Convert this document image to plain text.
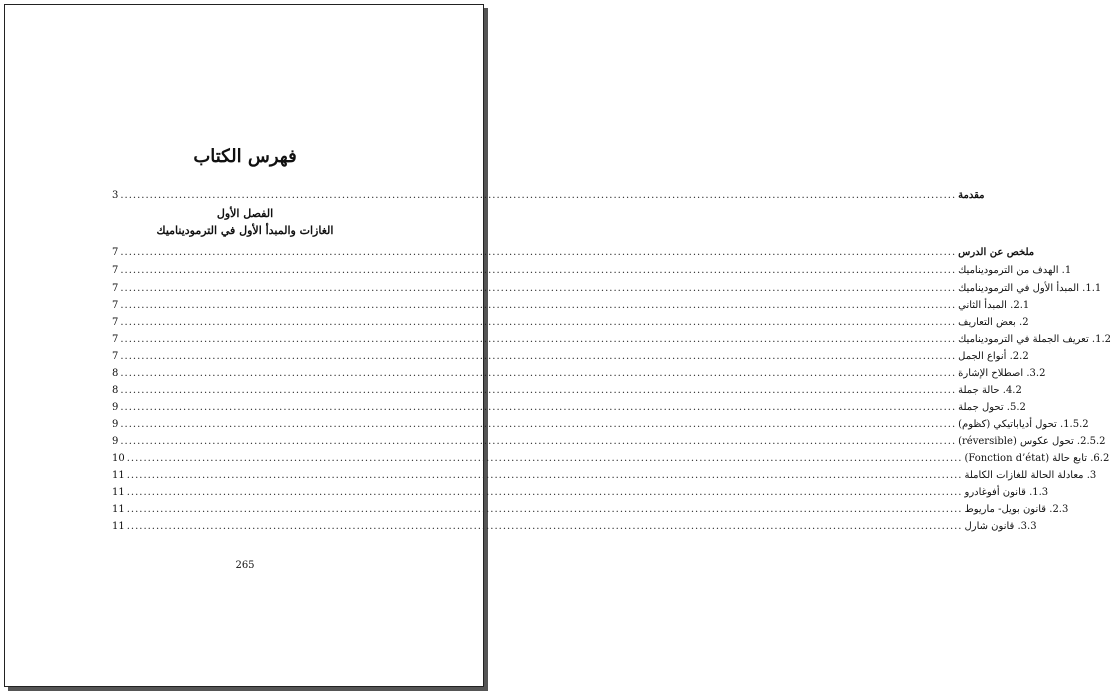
فهرس الكتاب
الفصل الأول
الغازات والمبدأ الأول في الترموديناميك
3	مقدمة
........................................................................................................................................................................................................
7	ملخص عن الدرس
........................................................................................................................................................................................................
7	1. الهدف من الترموديناميك
........................................................................................................................................................................................................
7	1.1. المبدأ الأول في الترموديناميك
........................................................................................................................................................................................................
7	2.1. المبدأ الثاني
........................................................................................................................................................................................................
7	2. بعض التعاريف
........................................................................................................................................................................................................
7	1.2. تعريف الجملة في الترموديناميك
........................................................................................................................................................................................................
7	2.2. أنواع الجمل
........................................................................................................................................................................................................
8	3.2. اصطلاح الإشارة
........................................................................................................................................................................................................
8	4.2. حالة جملة
........................................................................................................................................................................................................
9	5.2. تحول جملة
........................................................................................................................................................................................................
9	1.5.2. تحول أدياباتيكي (كظوم)
........................................................................................................................................................................................................
9	2.5.2. تحول عكوس (réversible)
........................................................................................................................................................................................................
10	6.2. تابع حالة (Fonction d’état)
........................................................................................................................................................................................................
11	3. معادلة الحالة للغازات الكاملة
........................................................................................................................................................................................................
11	1.3. قانون أفوغادرو
........................................................................................................................................................................................................
11	2.3. قانون بويل- ماريوط
........................................................................................................................................................................................................
11	3.3. قانون شارل
........................................................................................................................................................................................................
265
